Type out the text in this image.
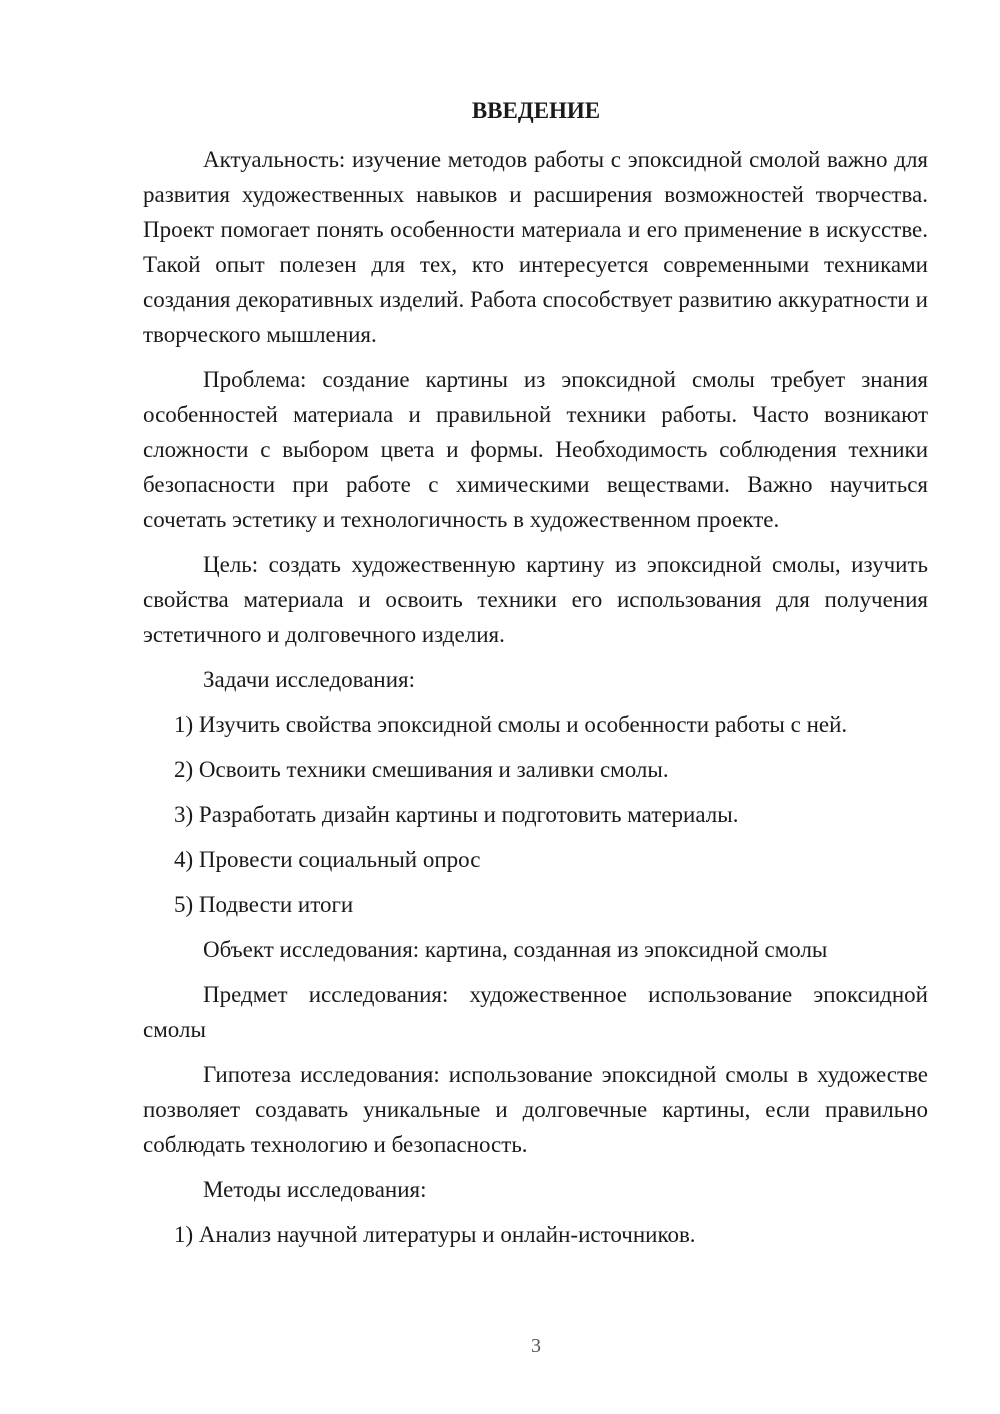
ВВЕДЕНИЕ

Актуальность: изучение методов работы с эпоксидной смолой важно для развития художественных навыков и расширения возможностей творчества. Проект помогает понять особенности материала и его применение в искусстве. Такой опыт полезен для тех, кто интересуется современными техниками создания декоративных изделий. Работа способствует развитию аккуратности и творческого мышления.

Проблема: создание картины из эпоксидной смолы требует знания особенностей материала и правильной техники работы. Часто возникают сложности с выбором цвета и формы. Необходимость соблюдения техники безопасности при работе с химическими веществами. Важно научиться сочетать эстетику и технологичность в художественном проекте.

Цель: создать художественную картину из эпоксидной смолы, изучить свойства материала и освоить техники его использования для получения эстетичного и долговечного изделия.

Задачи исследования:

1) Изучить свойства эпоксидной смолы и особенности работы с ней.
2) Освоить техники смешивания и заливки смолы.
3) Разработать дизайн картины и подготовить материалы.
4) Провести социальный опрос
5) Подвести итоги

Объект исследования: картина, созданная из эпоксидной смолы

Предмет исследования: художественное использование эпоксидной смолы

Гипотеза исследования: использование эпоксидной смолы в художестве позволяет создавать уникальные и долговечные картины, если правильно соблюдать технологию и безопасность.

Методы исследования:

1) Анализ научной литературы и онлайн-источников.
3
